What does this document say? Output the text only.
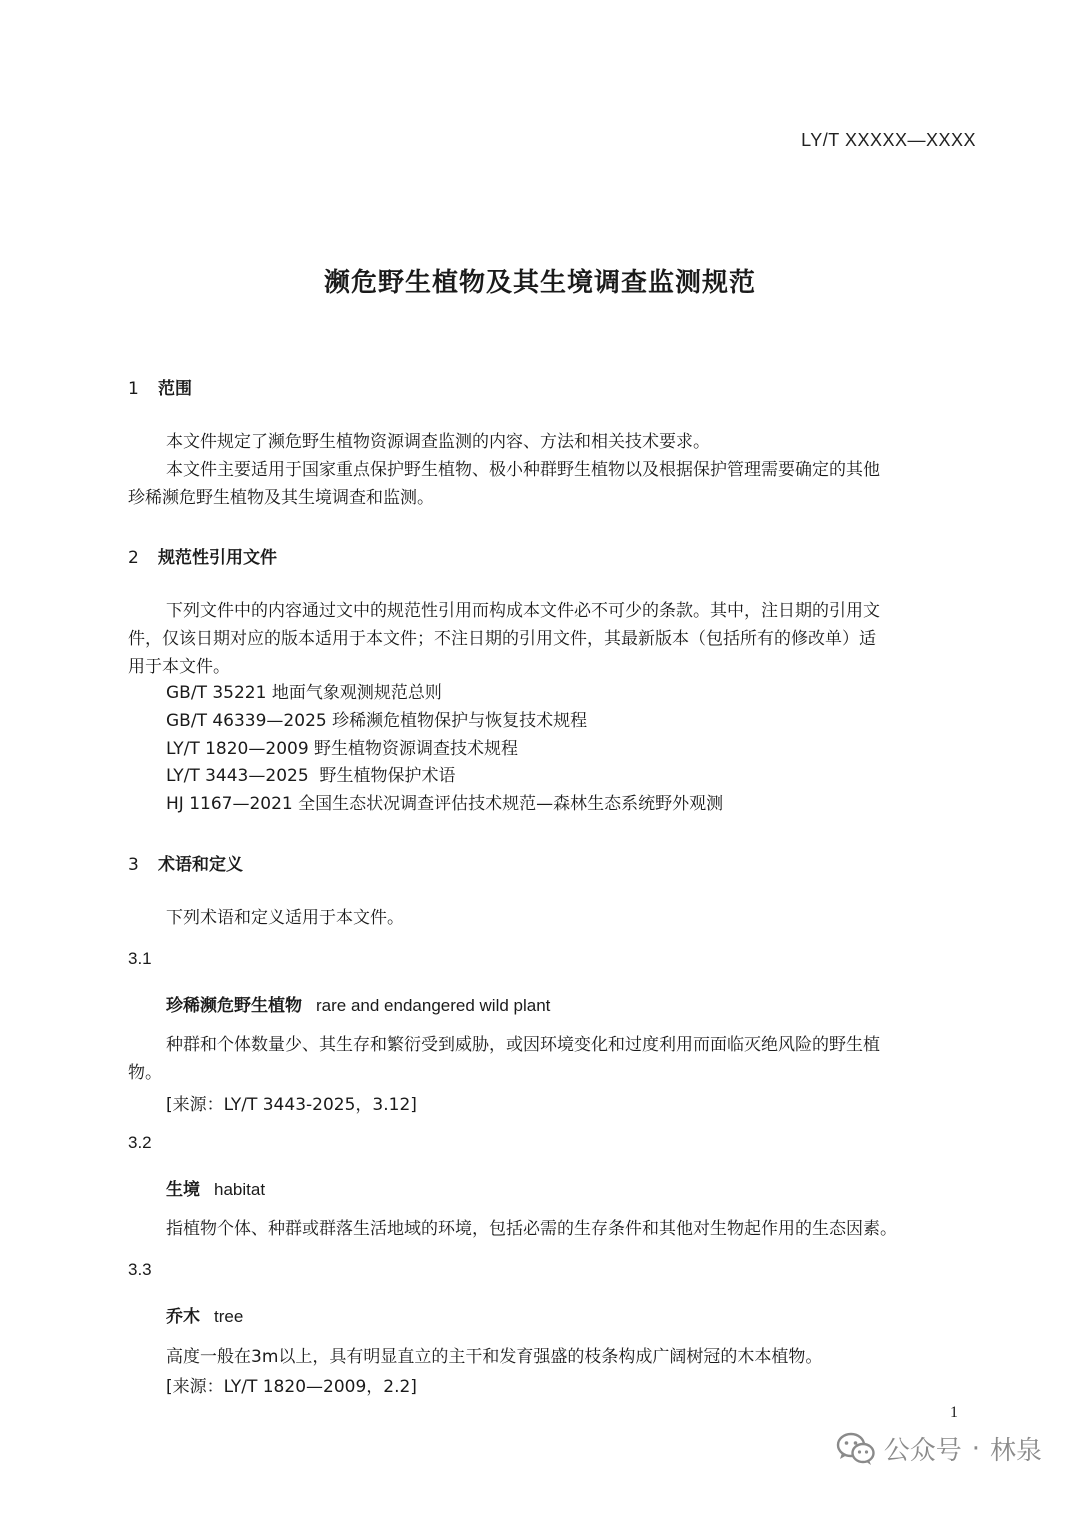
LY/T XXXXX—XXXX
濒危野生植物及其生境调查监测规范
1 范围
本文件规定了濒危野生植物资源调查监测的内容、方法和相关技术要求。
本文件主要适用于国家重点保护野生植物、极小种群野生植物以及根据保护管理需要确定的其他
珍稀濒危野生植物及其生境调查和监测。
2 规范性引用文件
下列文件中的内容通过文中的规范性引用而构成本文件必不可少的条款。其中，注日期的引用文
件，仅该日期对应的版本适用于本文件；不注日期的引用文件，其最新版本（包括所有的修改单）适
用于本文件。
GB/T 35221 地面气象观测规范总则
GB/T 46339—2025 珍稀濒危植物保护与恢复技术规程
LY/T 1820—2009 野生植物资源调查技术规程
LY/T 3443—2025 野生植物保护术语
HJ 1167—2021 全国生态状况调查评估技术规范—森林生态系统野外观测
3 术语和定义
下列术语和定义适用于本文件。
3.1
珍稀濒危野生植物 rare and endangered wild plant
种群和个体数量少、其生存和繁衍受到威胁，或因环境变化和过度利用而面临灭绝风险的野生植
物。
[来源：LY/T 3443-2025，3.12]
3.2
生境 habitat
指植物个体、种群或群落生活地域的环境，包括必需的生存条件和其他对生物起作用的生态因素。
3.3
乔木 tree
高度一般在3m以上，具有明显直立的主干和发育强盛的枝条构成广阔树冠的木本植物。
[来源：LY/T 1820—2009，2.2]
1
公众号 · 林泉
